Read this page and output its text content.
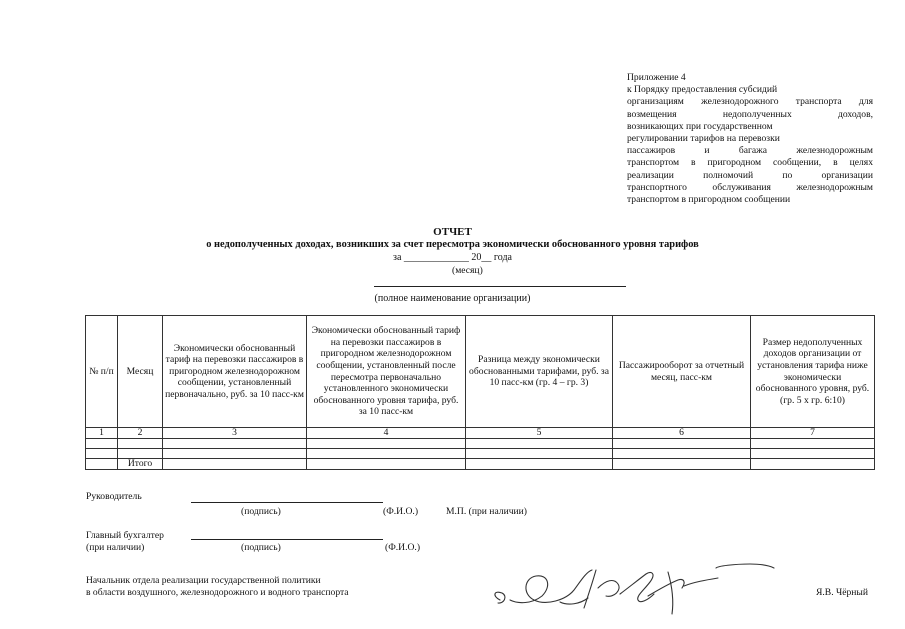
Приложение 4
к Порядку предоставления субсидий
организациям железнодорожного транспорта для
возмещения недополученных доходов,
возникающих при государственном
регулировании тарифов на перевозки
пассажиров и багажа железнодорожным
транспортом в пригородном сообщении, в целях
реализации полномочий по организации
транспортного обслуживания железнодорожным
транспортом в пригородном сообщении
ОТЧЕТ
о недополученных доходах, возникших за счет пересмотра экономически обоснованного уровня тарифов
за _____________ 20__ года
(месяц)
(полное наименование организации)
№ п/п	Месяц	Экономически обоснованный тариф на перевозки пассажиров в пригородном железнодорожном сообщении, установленный первоначально, руб. за 10 пасс-км	Экономически обоснованный тариф на перевозки пассажиров в пригородном железнодорожном сообщении, установленный после пересмотра первоначально установленного экономически обоснованного уровня тарифа, руб. за 10 пасс-км	Разница между экономически обоснованными тарифами, руб. за 10 пасс-км (гр. 4 – гр. 3)	Пассажирооборот за отчетный месяц, пасс-км	Размер недополученных доходов организации от установления тарифа ниже экономически обоснованного уровня, руб. (гр. 5 х гр. 6:10)
1	2	3	4	5	6	7

	Итого					
Руководитель
(подпись)	(Ф.И.О.)	М.П. (при наличии)
Главный бухгалтер
(при наличии)	(подпись)	(Ф.И.О.)
Начальник отдела реализации государственной политики
в области воздушного, железнодорожного и водного транспорта	Я.В. Чёрный
